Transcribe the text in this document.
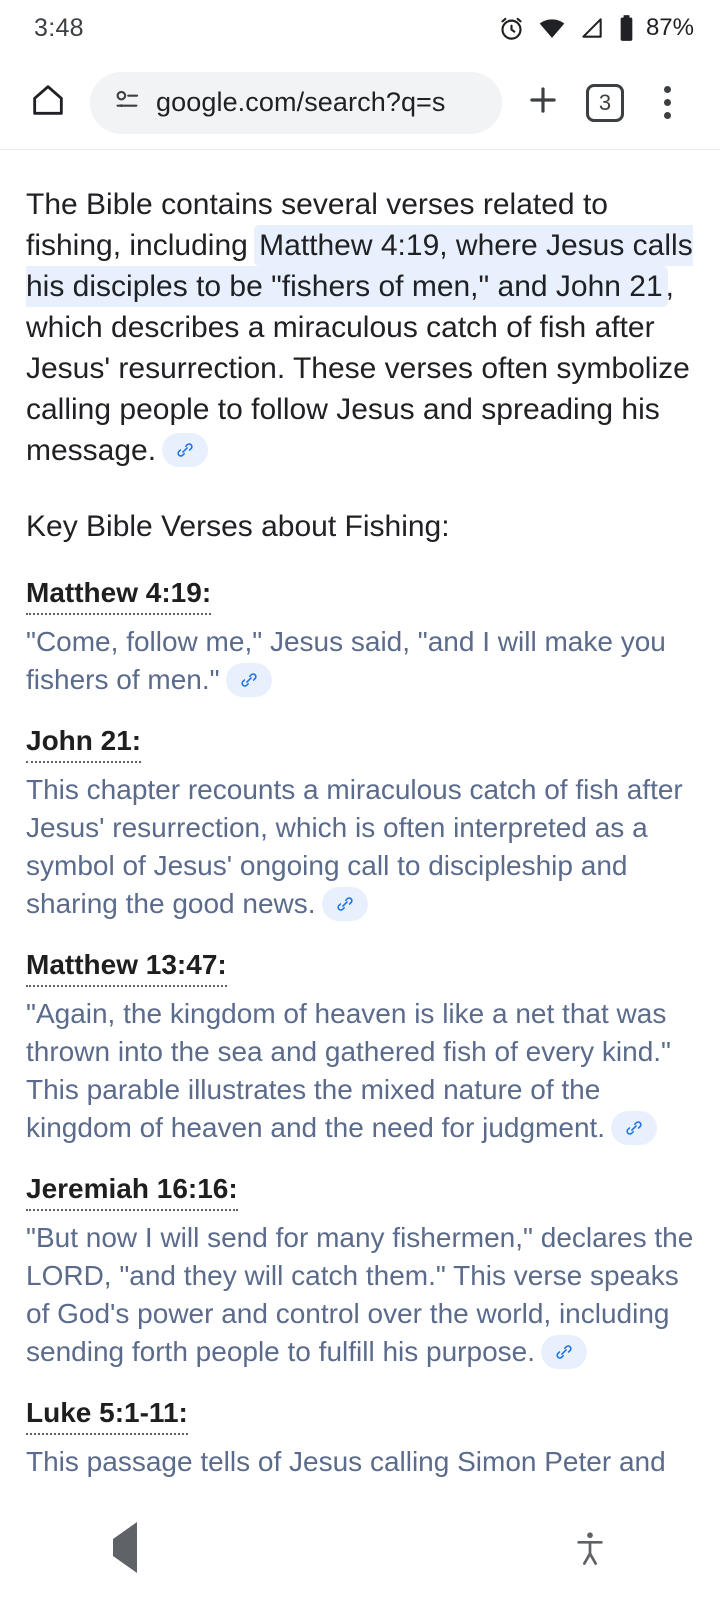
3:48	87%
google.com/search?q=s	3

The Bible contains several verses related to fishing, including Matthew 4:19, where Jesus calls his disciples to be "fishers of men," and John 21 , which describes a miraculous catch of fish after Jesus' resurrection. These verses often symbolize calling people to follow Jesus and spreading his message.

Key Bible Verses about Fishing:
Matthew 4:19:

"Come, follow me," Jesus said, "and I will make you fishers of men."

John 21:

This chapter recounts a miraculous catch of fish after Jesus' resurrection, which is often interpreted as a symbol of Jesus' ongoing call to discipleship and sharing the good news.

Matthew 13:47:

"Again, the kingdom of heaven is like a net that was thrown into the sea and gathered fish of every kind." This parable illustrates the mixed nature of the kingdom of heaven and the need for judgment.

Jeremiah 16:16:

"But now I will send for many fishermen," declares the LORD, "and they will catch them." This verse speaks of God's power and control over the world, including sending forth people to fulfill his purpose.

Luke 5:1-11:

This passage tells of Jesus calling Simon Peter and
